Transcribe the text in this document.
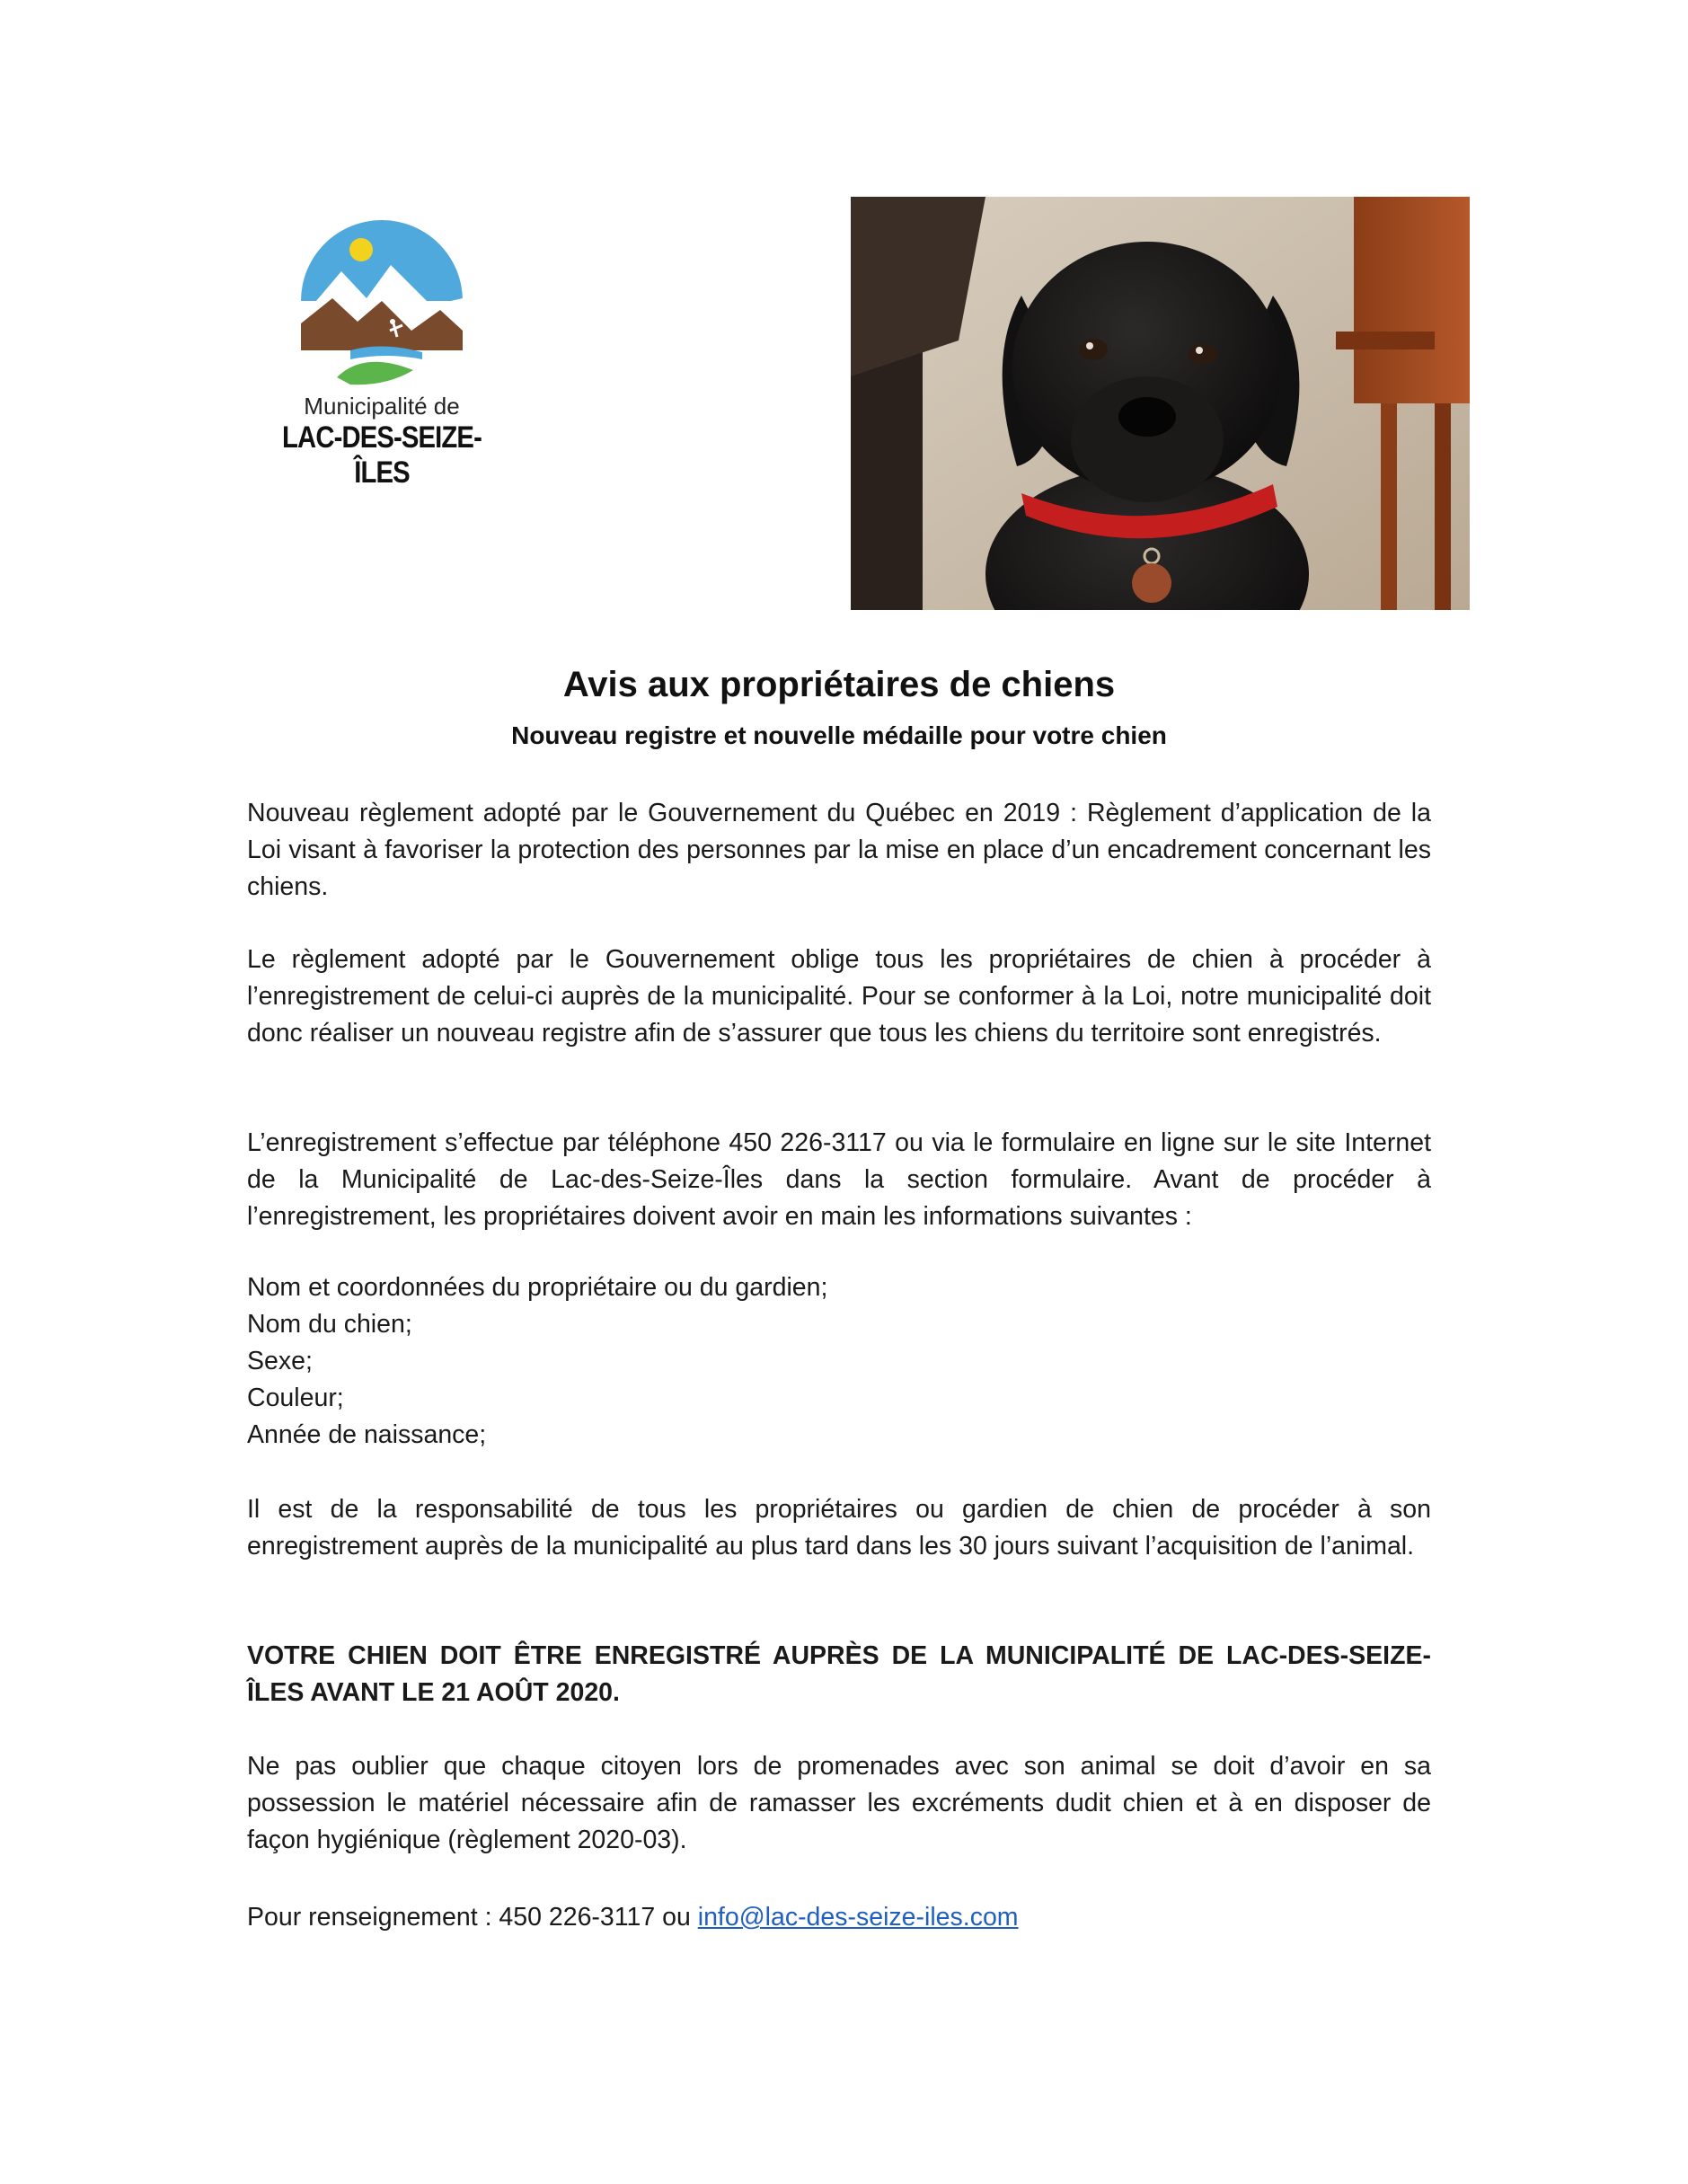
Municipalité de
LAC-DES-SEIZE-ÎLES
Avis aux propriétaires de chiens
Nouveau registre et nouvelle médaille pour votre chien

Nouveau règlement adopté par le Gouvernement du Québec en 2019 : Règlement d’application de la Loi visant à favoriser la protection des personnes par la mise en place d’un encadrement concernant les chiens.

Le règlement adopté par le Gouvernement oblige tous les propriétaires de chien à procéder à l’enregistrement de celui-ci auprès de la municipalité. Pour se conformer à la Loi, notre municipalité doit donc réaliser un nouveau registre afin de s’assurer que tous les chiens du territoire sont enregistrés.

L’enregistrement s’effectue par téléphone 450 226-3117 ou via le formulaire en ligne sur le site Internet de la Municipalité de Lac-des-Seize-Îles dans la section formulaire. Avant de procéder à l’enregistrement, les propriétaires doivent avoir en main les informations suivantes :

Nom et coordonnées du propriétaire ou du gardien;
Nom du chien;
Sexe;
Couleur;
Année de naissance;

Il est de la responsabilité de tous les propriétaires ou gardien de chien de procéder à son enregistrement auprès de la municipalité au plus tard dans les 30 jours suivant l’acquisition de l’animal.

VOTRE CHIEN DOIT ÊTRE ENREGISTRÉ AUPRÈS DE LA MUNICIPALITÉ DE LAC-DES-SEIZE-ÎLES AVANT LE 21 AOÛT 2020.

Ne pas oublier que chaque citoyen lors de promenades avec son animal se doit d’avoir en sa possession le matériel nécessaire afin de ramasser les excréments dudit chien et à en disposer de façon hygiénique (règlement 2020-03).

Pour renseignement : 450 226-3117 ou info@lac-des-seize-iles.com
